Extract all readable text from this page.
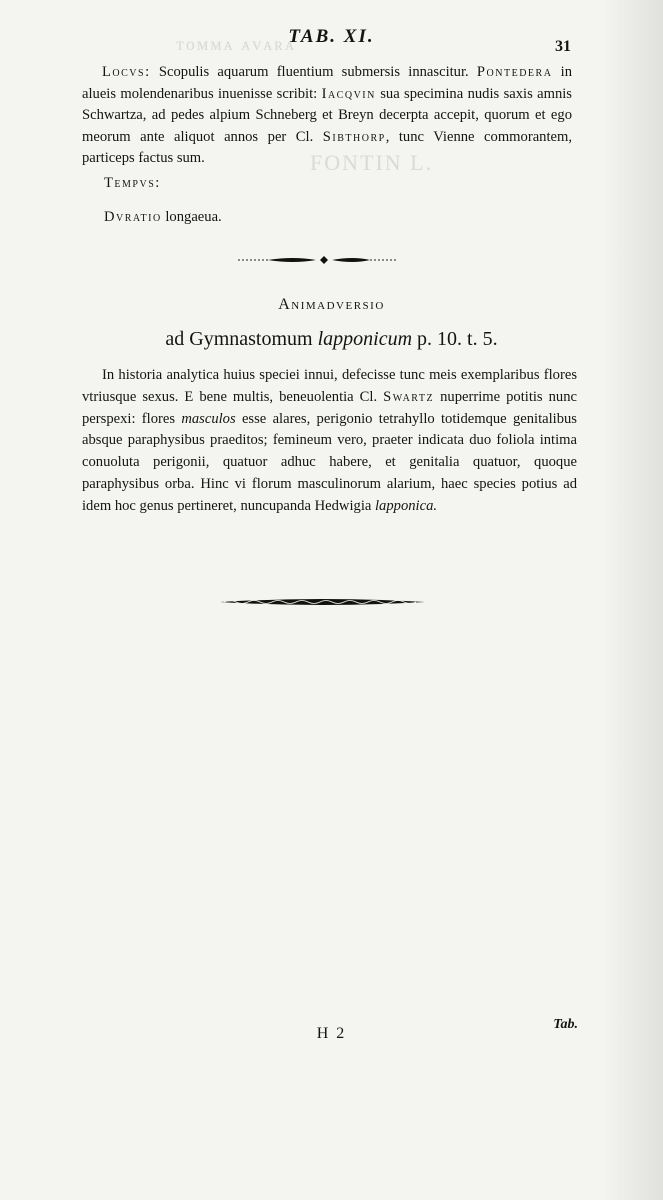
ᴛᴏᴍᴍᴀ ᴀᴠᴀʀᴀ
FONTIN L.
TAB. XI.	31

Locvs: Scopulis aquarum fluentium submersis innascitur. Pontedera in alueis molendenaribus inuenisse scribit: Iacqvin sua specimina nudis saxis amnis Schwartza, ad pedes alpium Schneberg et Breyn decerpta accepit, quorum et ego meorum ante aliquot annos per Cl. Sibthorp, tunc Vienne commorantem, particeps factus sum.

Tempvs:
Dvratio longaeua.
Animadversio
ad Gymnastomum lapponicum p. 10. t. 5.

In historia analytica huius speciei innui, defecisse tunc meis exemplaribus flores vtriusque sexus. E bene multis, beneuolentia Cl. Swartz nuperrime potitis nunc perspexi: flores masculos esse alares, perigonio tetrahyllo totidemque genitalibus absque paraphysibus praeditos; femineum vero, praeter indicata duo foliola intima conuoluta perigonii, quatuor adhuc habere, et genitalia quatuor, quoque paraphysibus orba. Hinc vi florum masculinorum alarium, haec species potius ad idem hoc genus pertineret, nuncupanda Hedwigia lapponica.

H 2
Tab.
